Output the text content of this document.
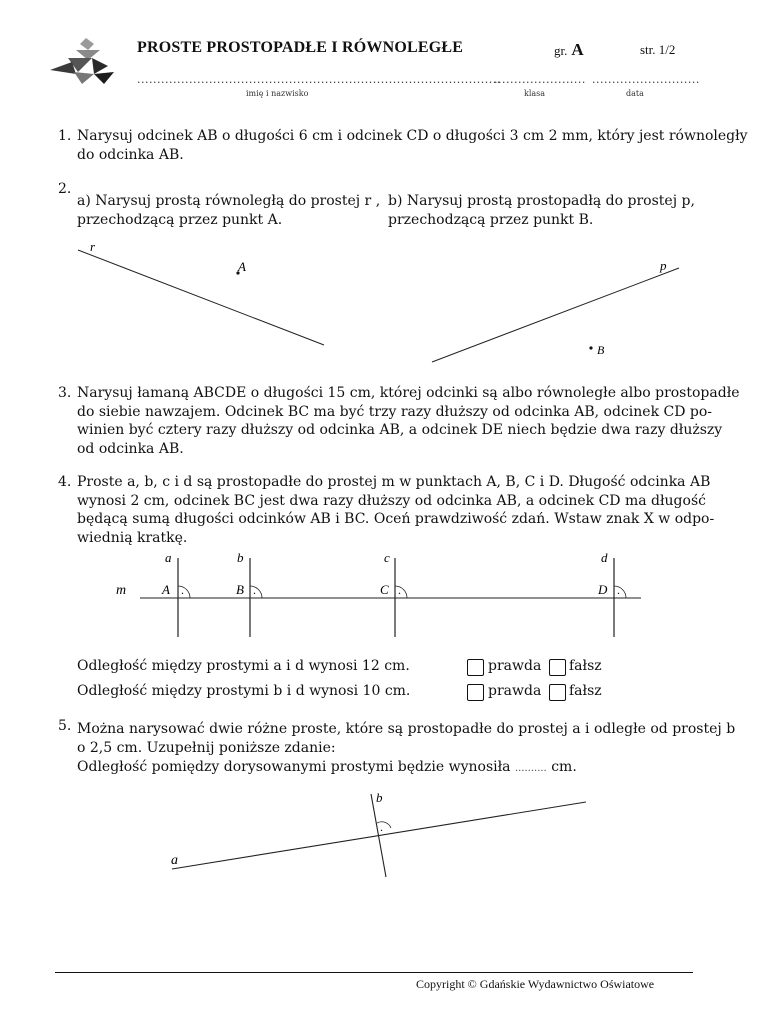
PROSTE PROSTOPADŁE I RÓWNOLEGŁE	gr. A	str. 1/2
...........................................................................................
....................... ...........................
imię i nazwisko	klasa	data
1. Narysuj odcinek AB o długości 6 cm i odcinek CD o długości 3 cm 2 mm, który jest równoległy
do odcinka AB.
2.
a) Narysuj prostą równoległą do prostej r ,
przechodzącą przez punkt A.
b) Narysuj prostą prostopadłą do prostej p,
przechodzącą przez punkt B.
r
A	p
B
3. Narysuj łamaną ABCDE o długości 15 cm, której odcinki są albo równoległe albo prostopadłe
do siebie nawzajem. Odcinek BC ma być trzy razy dłuższy od odcinka AB, odcinek CD po-
winien być cztery razy dłuższy od odcinka AB, a odcinek DE niech będzie dwa razy dłuższy
od odcinka AB.
4. Proste a, b, c i d są prostopadłe do prostej m w punktach A, B, C i D. Długość odcinka AB
wynosi 2 cm, odcinek BC jest dwa razy dłuższy od odcinka AB, a odcinek CD ma długość
będącą sumą długości odcinków AB i BC. Oceń prawdziwość zdań. Wstaw znak X w odpo-
wiednią kratkę.
m
a
A .
b
B .
c
C .
d
D .
Odległość między prostymi a i d wynosi 12 cm.	prawda fałsz
Odległość między prostymi b i d wynosi 10 cm.	prawda fałsz
5. Można narysować dwie różne proste, które są prostopadłe do prostej a i odległe od prostej b
o 2,5 cm. Uzupełnij poniższe zdanie:
Odległość pomiędzy dorysowanymi prostymi będzie wynosiła .......... cm.
a
b
.
Copyright © Gdańskie Wydawnictwo Oświatowe
